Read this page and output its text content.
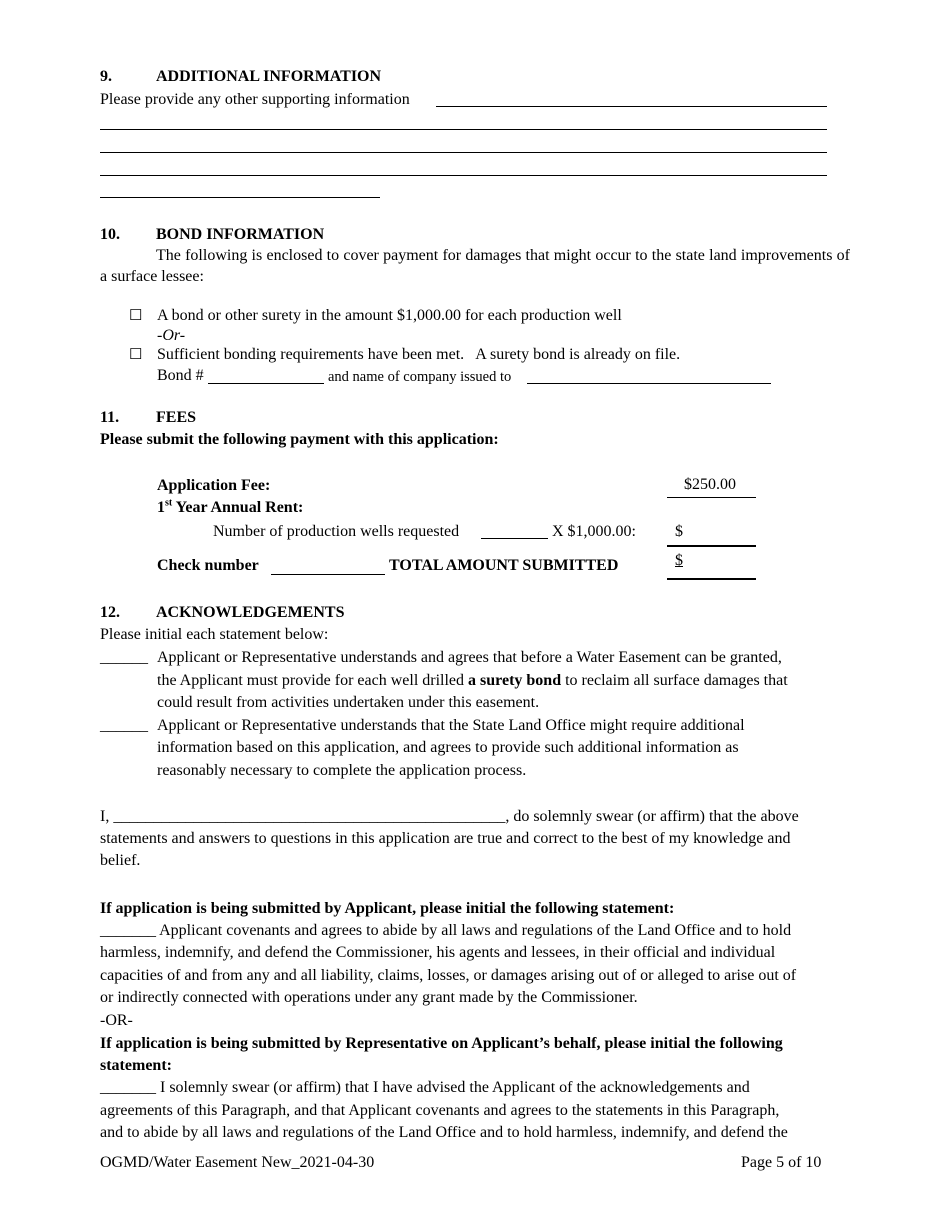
9.	ADDITIONAL INFORMATION
Please provide any other supporting information
10. BOND INFORMATION
The following is enclosed to cover payment for damages that might occur to the state land improvements of a surface lessee:
☐ A bond or other surety in the amount $1,000.00 for each production well
-Or-
☐ Sufficient bonding requirements have been met.   A surety bond is already on file.
Bond #	and name of company issued to
11. FEES
Please submit the following payment with this application:
Application Fee:	$250.00
1st Year Annual Rent:
Number of production wells requested	X $1,000.00: $
Check number	TOTAL AMOUNT SUBMITTED	$
12. ACKNOWLEDGEMENTS
Please initial each statement below:
______ Applicant or Representative understands and agrees that before a Water Easement can be granted,
the Applicant must provide for each well drilled a surety bond to reclaim all surface damages that
could result from activities undertaken under this easement.
______ Applicant or Representative understands that the State Land Office might require additional
information based on this application, and agrees to provide such additional information as
reasonably necessary to complete the application process.
I, _________________________________________________, do solemnly swear (or affirm) that the above
statements and answers to questions in this application are true and correct to the best of my knowledge and
belief.
If application is being submitted by Applicant, please initial the following statement:
_______ Applicant covenants and agrees to abide by all laws and regulations of the Land Office and to hold
harmless, indemnify, and defend the Commissioner, his agents and lessees, in their official and individual
capacities of and from any and all liability, claims, losses, or damages arising out of or alleged to arise out of
or indirectly connected with operations under any grant made by the Commissioner.
-OR-
If application is being submitted by Representative on Applicant’s behalf, please initial the following
statement:
_______ I solemnly swear (or affirm) that I have advised the Applicant of the acknowledgements and
agreements of this Paragraph, and that Applicant covenants and agrees to the statements in this Paragraph,
and to abide by all laws and regulations of the Land Office and to hold harmless, indemnify, and defend the
OGMD/Water Easement New_2021-04-30	Page 5 of 10
